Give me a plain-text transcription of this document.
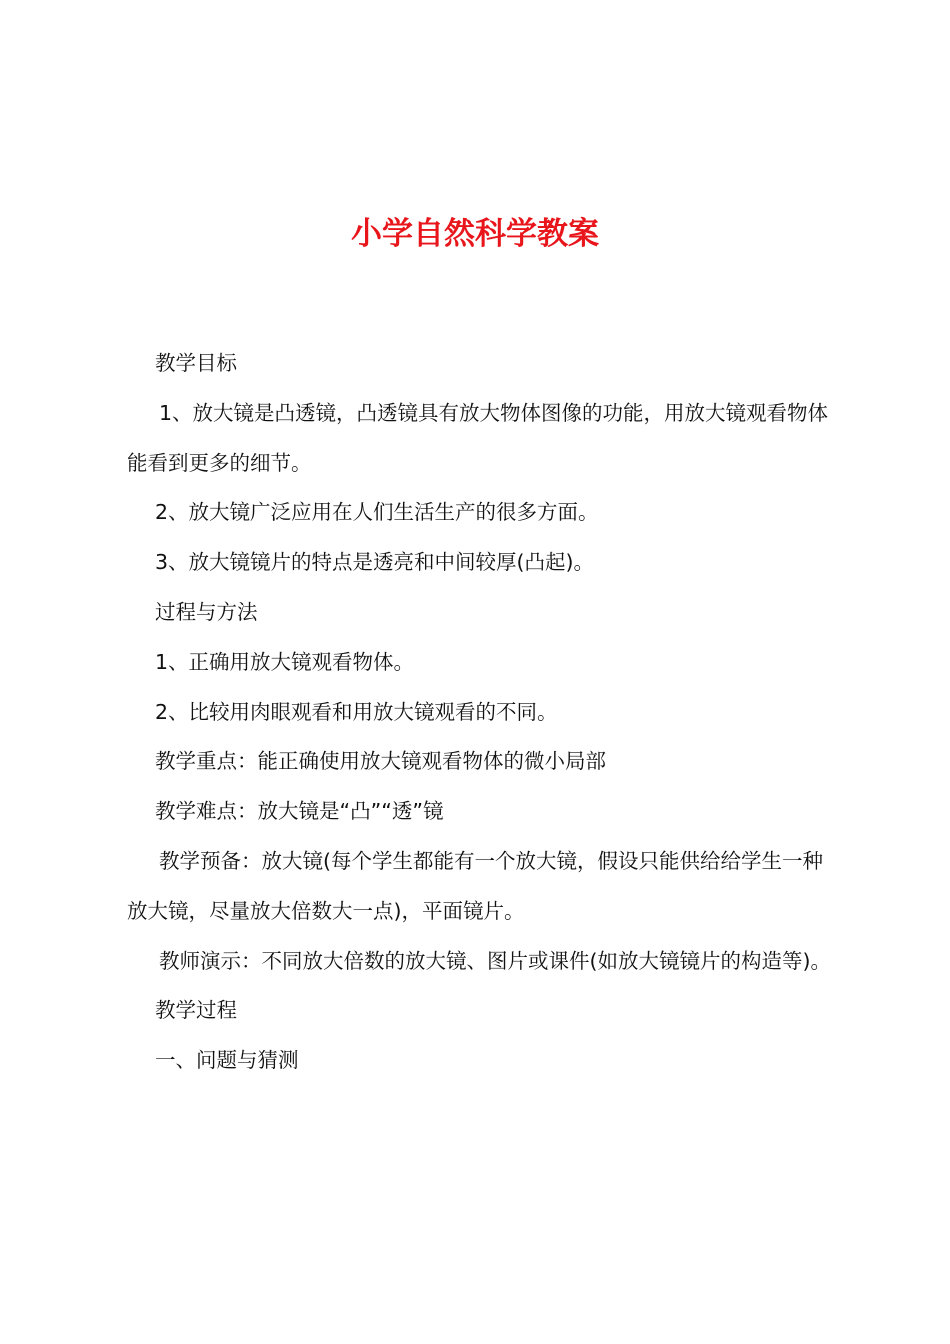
小学自然科学教案

教学目标

1、放大镜是凸透镜，凸透镜具有放大物体图像的功能，用放大镜观看物体能看到更多的细节。

2、放大镜广泛应用在人们生活生产的很多方面。

3、放大镜镜片的特点是透亮和中间较厚(凸起)。

过程与方法

1、正确用放大镜观看物体。

2、比较用肉眼观看和用放大镜观看的不同。

教学重点：能正确使用放大镜观看物体的微小局部

教学难点：放大镜是“凸”“透”镜

教学预备：放大镜(每个学生都能有一个放大镜，假设只能供给给学生一种放大镜，尽量放大倍数大一点)，平面镜片。

教师演示：不同放大倍数的放大镜、图片或课件(如放大镜镜片的构造等)。

教学过程

一、问题与猜测
